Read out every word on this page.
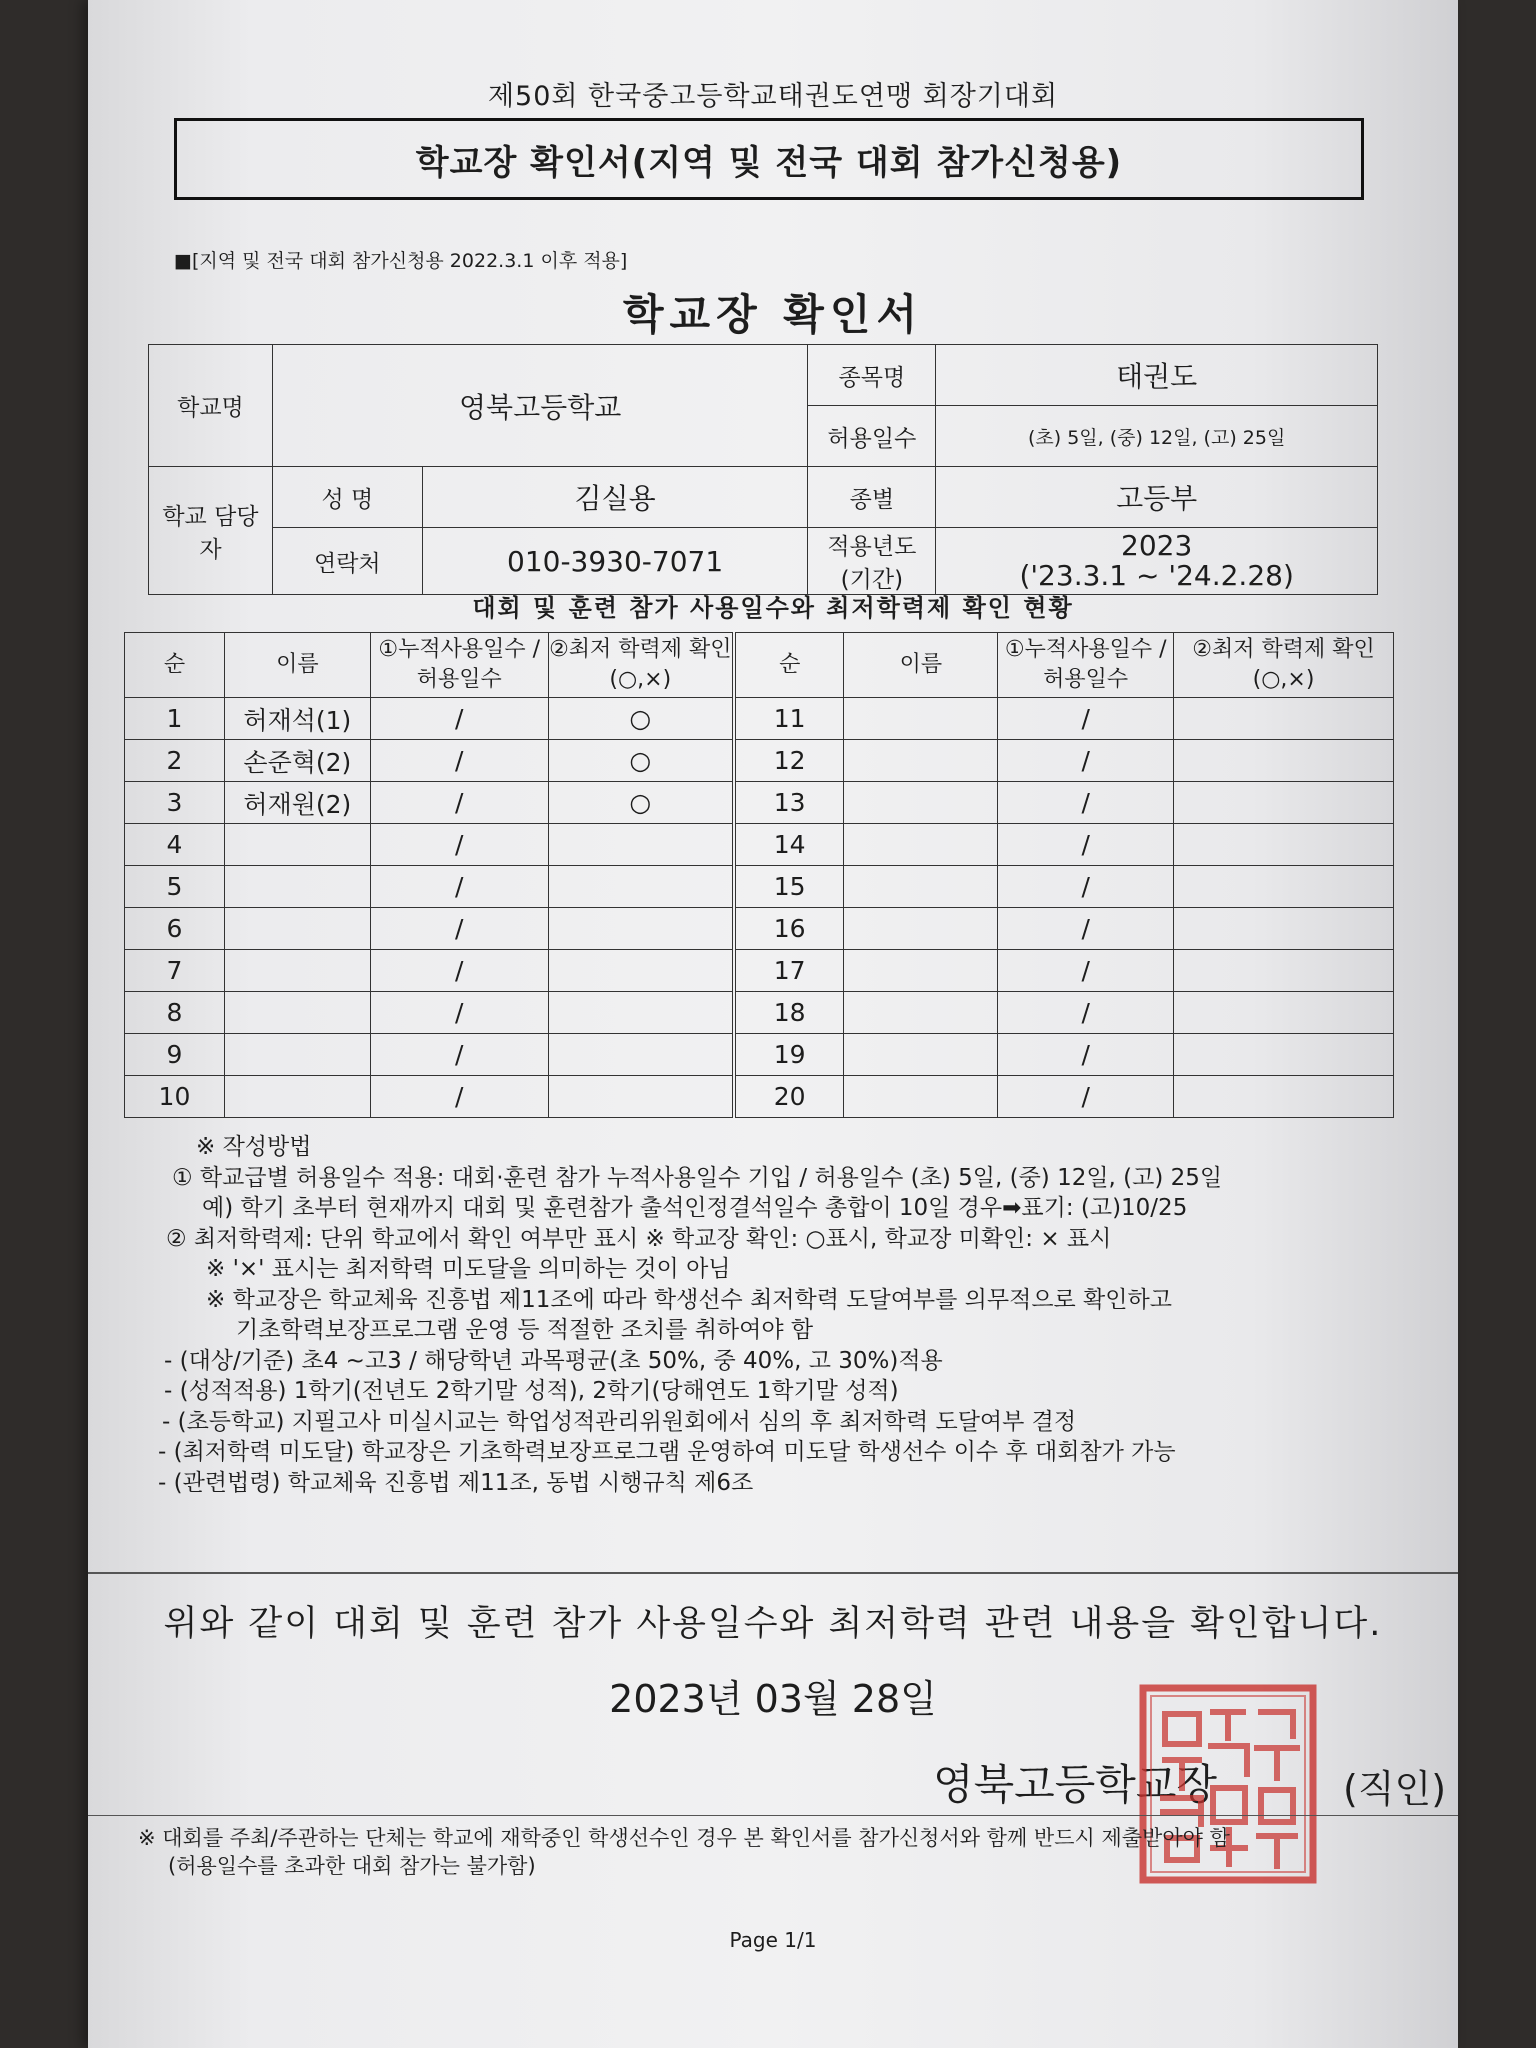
제50회 한국중고등학교태권도연맹 회장기대회
학교장 확인서(지역 및 전국 대회 참가신청용)
■[지역 및 전국 대회 참가신청용 2022.3.1 이후 적용]
학교장 확인서
학교명	영북고등학교		종목명	태권도
			허용일수	(초) 5일, (중) 12일, (고) 25일
학교 담당자	성 명	김실용	종별	고등부
	연락처	010-3930-7071	적용년도 (기간)	2023
('23.3.1 ~ '24.2.28)
대회 및 훈련 참가 사용일수와 최저학력제 확인 현황
순	이름	①누적사용일수 /허용일수	②최저 학력제 확인(○,×)	순	이름	①누적사용일수 /허용일수	②최저 학력제 확인(○,×)
1	허재석(1)	/	○	11		/	
2	손준혁(2)	/	○	12		/	
3	허재원(2)	/	○	13		/	
4		/		14		/	
5		/		15		/	
6		/		16		/	
7		/		17		/	
8		/		18		/	
9		/		19		/	
10		/		20		/	

※ 작성방법

① 학교급별 허용일수 적용: 대회·훈련 참가 누적사용일수 기입 / 허용일수 (초) 5일, (중) 12일, (고) 25일

예) 학기 초부터 현재까지 대회 및 훈련참가 출석인정결석일수 총합이 10일 경우➡표기: (고)10/25

② 최저학력제: 단위 학교에서 확인 여부만 표시 ※ 학교장 확인: ○표시, 학교장 미확인: × 표시

※ '×' 표시는 최저학력 미도달을 의미하는 것이 아님

※ 학교장은 학교체육 진흥법 제11조에 따라 학생선수 최저학력 도달여부를 의무적으로 확인하고

기초학력보장프로그램 운영 등 적절한 조치를 취하여야 함

- (대상/기준) 초4 ~고3 / 해당학년 과목평균(초 50%, 중 40%, 고 30%)적용

- (성적적용) 1학기(전년도 2학기말 성적), 2학기(당해연도 1학기말 성적)

- (초등학교) 지필고사 미실시교는 학업성적관리위원회에서 심의 후 최저학력 도달여부 결정

- (최저학력 미도달) 학교장은 기초학력보장프로그램 운영하여 미도달 학생선수 이수 후 대회참가 가능

- (관련법령) 학교체육 진흥법 제11조, 동법 시행규칙 제6조

위와 같이 대회 및 훈련 참가 사용일수와 최저학력 관련 내용을 확인합니다.
2023년 03월 28일
영북고등학교장	(직인)

※ 대회를 주최/주관하는 단체는 학교에 재학중인 학생선수인 경우 본 확인서를 참가신청서와 함께 반드시 제출받아야 함

(허용일수를 초과한 대회 참가는 불가함)

Page 1/1
